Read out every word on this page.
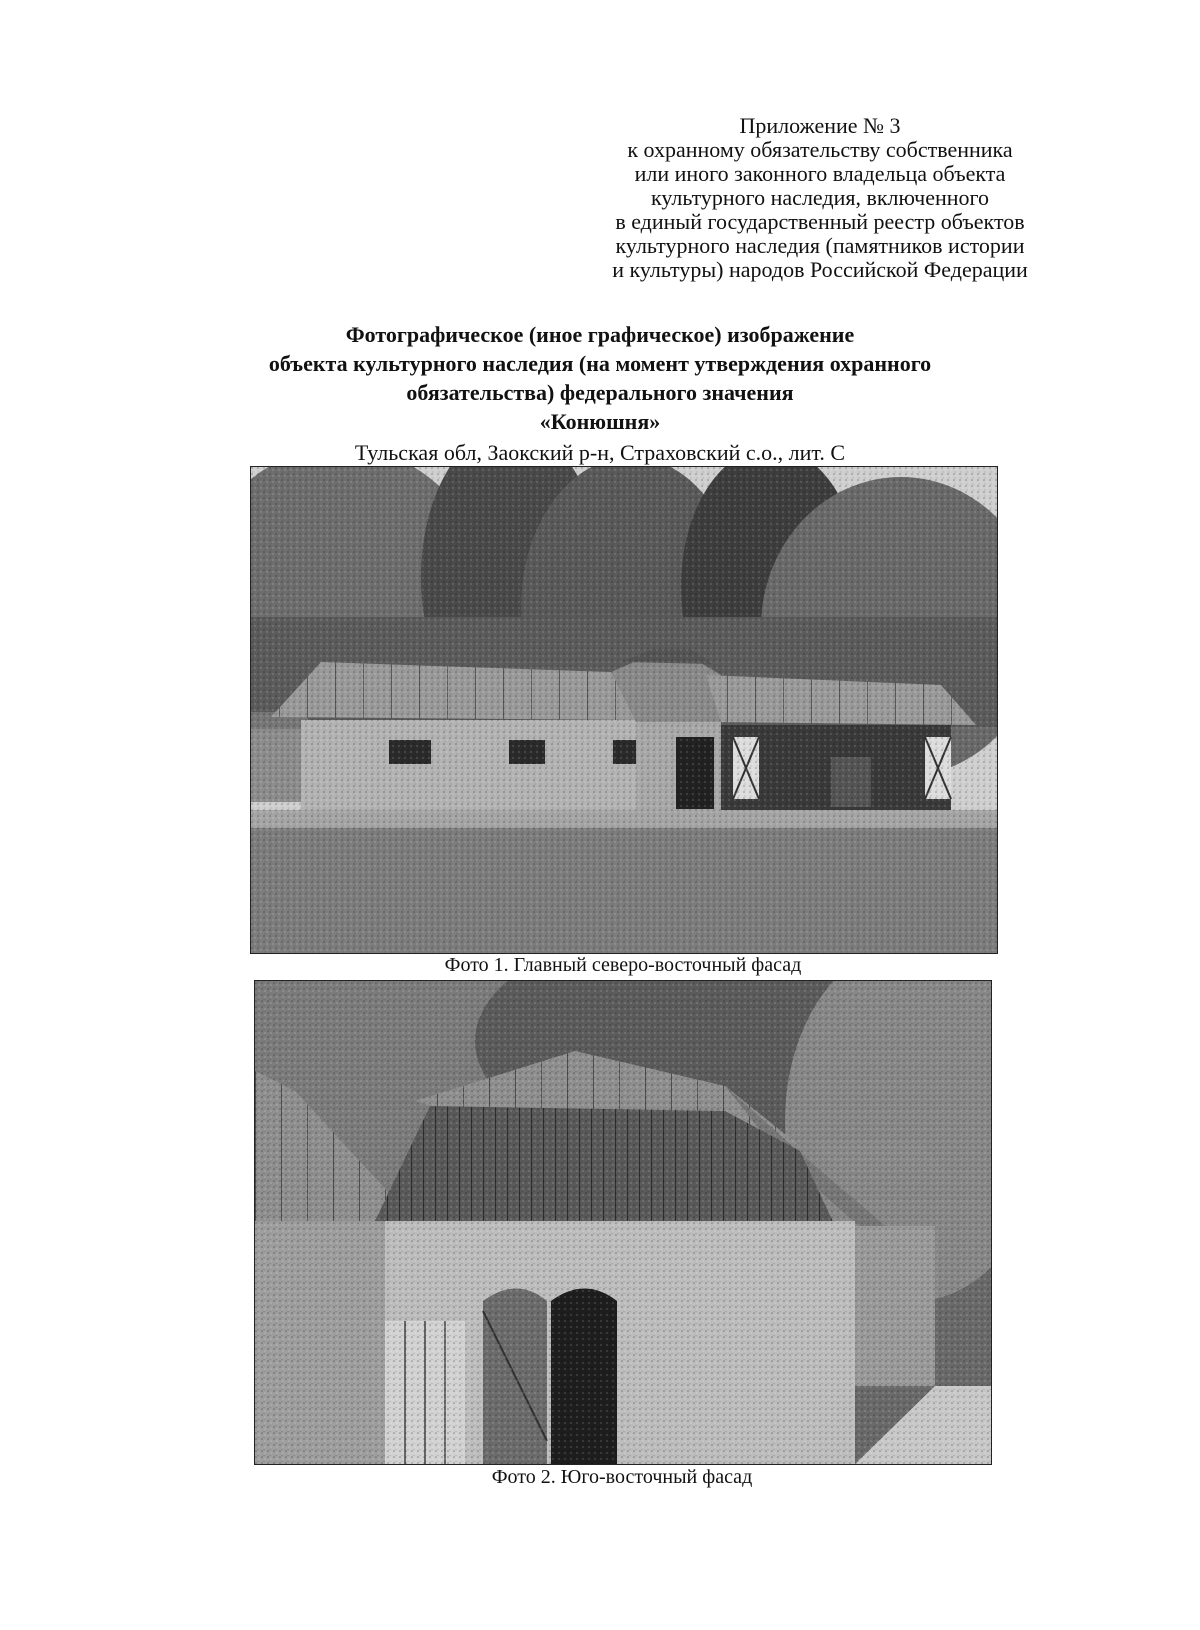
Приложение № 3
к охранному обязательству собственника
или иного законного владельца объекта
культурного наследия, включенного
в единый государственный реестр объектов
культурного наследия (памятников истории
и культуры) народов Российской Федерации
Фотографическое (иное графическое) изображение
объекта культурного наследия (на момент утверждения охранного
обязательства) федерального значения
«Конюшня»
Тульская обл, Заокский р-н, Страховский с.о., лит. С
Фото 1. Главный северо-восточный фасад
Фото 2. Юго-восточный фасад
